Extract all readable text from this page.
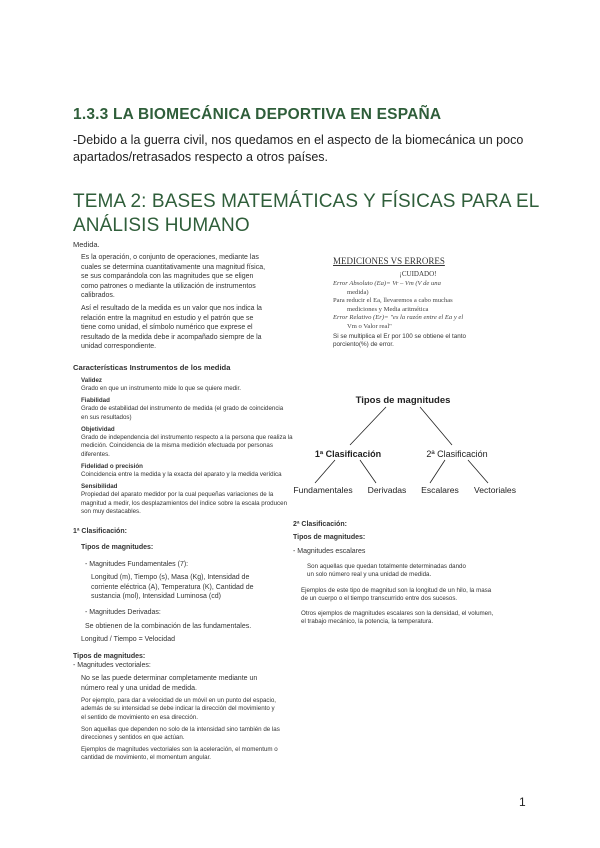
1.3.3 LA BIOMECÁNICA DEPORTIVA EN ESPAÑA
-Debido a la guerra civil, nos quedamos en el aspecto de la biomecánica un poco
apartados/retrasados respecto a otros países.
TEMA 2: BASES MATEMÁTICAS Y FÍSICAS PARA EL
ANÁLISIS HUMANO
Medida.
Es la operación, o conjunto de operaciones, mediante las
cuales se determina cuantitativamente una magnitud física,
se sus comparándola con las magnitudes que se eligen
como patrones o mediante la utilización de instrumentos
calibrados.
Así el resultado de la medida es un valor que nos indica la
relación entre la magnitud en estudio y el patrón que se
tiene como unidad, el símbolo numérico que exprese el
resultado de la medida debe ir acompañado siempre de la
unidad correspondiente.
Características Instrumentos de los medida
Validez
Grado en que un instrumento mide lo que se quiere medir.
Fiabilidad
Grado de estabilidad del instrumento de medida (el grado de coincidencia
en sus resultados)
Objetividad
Grado de independencia del instrumento respecto a la persona que realiza la
medición. Coincidencia de la misma medición efectuada por personas
diferentes.
Fidelidad o precisión
Coincidencia entre la medida y la exacta del aparato y la medida verídica
Sensibilidad
Propiedad del aparato medidor por la cual pequeñas variaciones de la
magnitud a medir, los desplazamientos del índice sobre la escala producen
son muy destacables.
1ª Clasificación:
Tipos de magnitudes:
- Magnitudes Fundamentales (7):
Longitud (m), Tiempo (s), Masa (Kg), Intensidad de
corriente eléctrica (A), Temperatura (K), Cantidad de
sustancia (mol), Intensidad Luminosa (cd)
- Magnitudes Derivadas:
Se obtienen de la combinación de las fundamentales.
Longitud / Tiempo = Velocidad
Tipos de magnitudes:
- Magnitudes vectoriales:
No se las puede determinar completamente mediante un
número real y una unidad de medida.
Por ejemplo, para dar a velocidad de un móvil en un punto del espacio,
además de su intensidad se debe indicar la dirección del movimiento y
el sentido de movimiento en esa dirección.
Son aquellas que dependen no solo de la intensidad sino también de las
direcciones y sentidos en que actúan.
Ejemplos de magnitudes vectoriales son la aceleración, el momentum o
cantidad de movimiento, el momentum angular.
MEDICIONES VS ERRORES
¡CUIDADO!
Error Absoluto (Ea)= Vr – Vm (V de una
medida)
Para reducir el Ea, llevaremos a cabo muchas
mediciones y Media aritmética
Error Relativo (Er)= "es la razón entre el Ea y el
Vm o Valor real"
Si se multiplica el Er por 100 se obtiene el tanto
porciento(%) de error.
Tipos de magnitudes
1ª Clasificación	2ª Clasificación
Fundamentales Derivadas Escalares Vectoriales
2ª Clasificación:
Tipos de magnitudes:
- Magnitudes escalares
Son aquellas que quedan totalmente determinadas dando
un solo número real y una unidad de medida.
Ejemplos de este tipo de magnitud son la longitud de un hilo, la masa
de un cuerpo o el tiempo transcurrido entre dos sucesos.
Otros ejemplos de magnitudes escalares son la densidad, el volumen,
el trabajo mecánico, la potencia, la temperatura.
1
